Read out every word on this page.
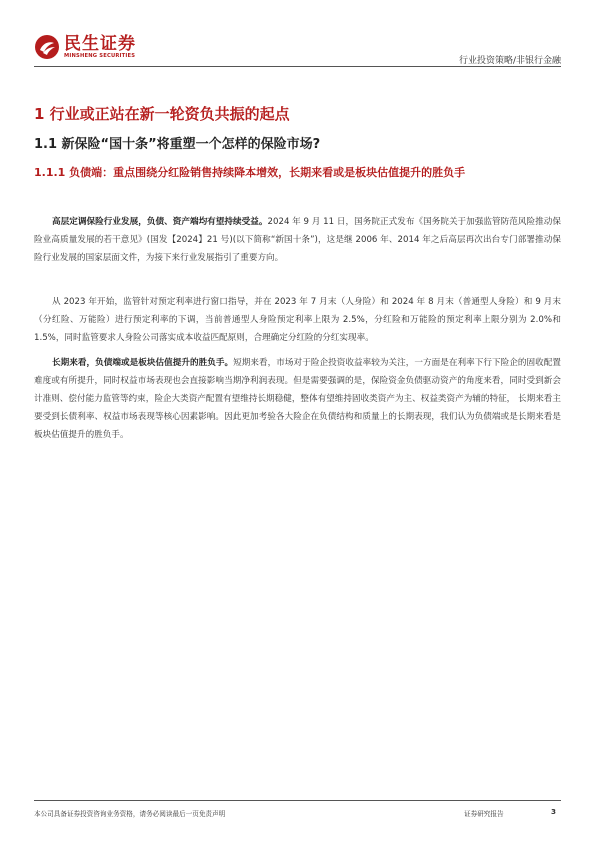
民生证券
MINSHENG SECURITIES
行业投资策略/非银行金融
1 行业或正站在新一轮资负共振的起点
1.1 新保险“国十条”将重塑一个怎样的保险市场?
1.1.1 负债端：重点围绕分红险销售持续降本增效，长期来看或是板块估值提升的胜负手
高层定调保险行业发展，负债、资产端均有望持续受益。2024 年 9 月 11 日，国务院正式发布《国务院关于加强监管防范风险推动保险业高质量发展的若干意见》(国发【2024】21 号)(以下简称“新国十条”)，这是继 2006 年、2014 年之后高层再次出台专门部署推动保险行业发展的国家层面文件，为接下来行业发展指引了重要方向。
从 2023 年开始，监管针对预定利率进行窗口指导，并在 2023 年 7 月末（人身险）和 2024 年 8 月末（普通型人身险）和 9 月末（分红险、万能险）进行预定利率的下调，当前普通型人身险预定利率上限为 2.5%，分红险和万能险的预定利率上限分别为 2.0%和 1.5%，同时监管要求人身险公司落实成本收益匹配原则，合理确定分红险的分红实现率。
长期来看，负债端或是板块估值提升的胜负手。短期来看，市场对于险企投资收益率较为关注，一方面是在利率下行下险企的固收配置难度或有所提升，同时权益市场表现也会直接影响当期净利润表现。但是需要强调的是，保险资金负债驱动资产的角度来看，同时受到新会计准则、偿付能力监管等约束，险企大类资产配置有望维持长期稳健，整体有望维持固收类资产为主、权益类资产为辅的特征， 长期来看主要受到长债利率、权益市场表现等核心因素影响。因此更加考验各大险企在负债结构和质量上的长期表现，我们认为负债端或是长期来看是板块估值提升的胜负手。
本公司具备证券投资咨询业务资格，请务必阅读最后一页免责声明	证券研究报告	3
